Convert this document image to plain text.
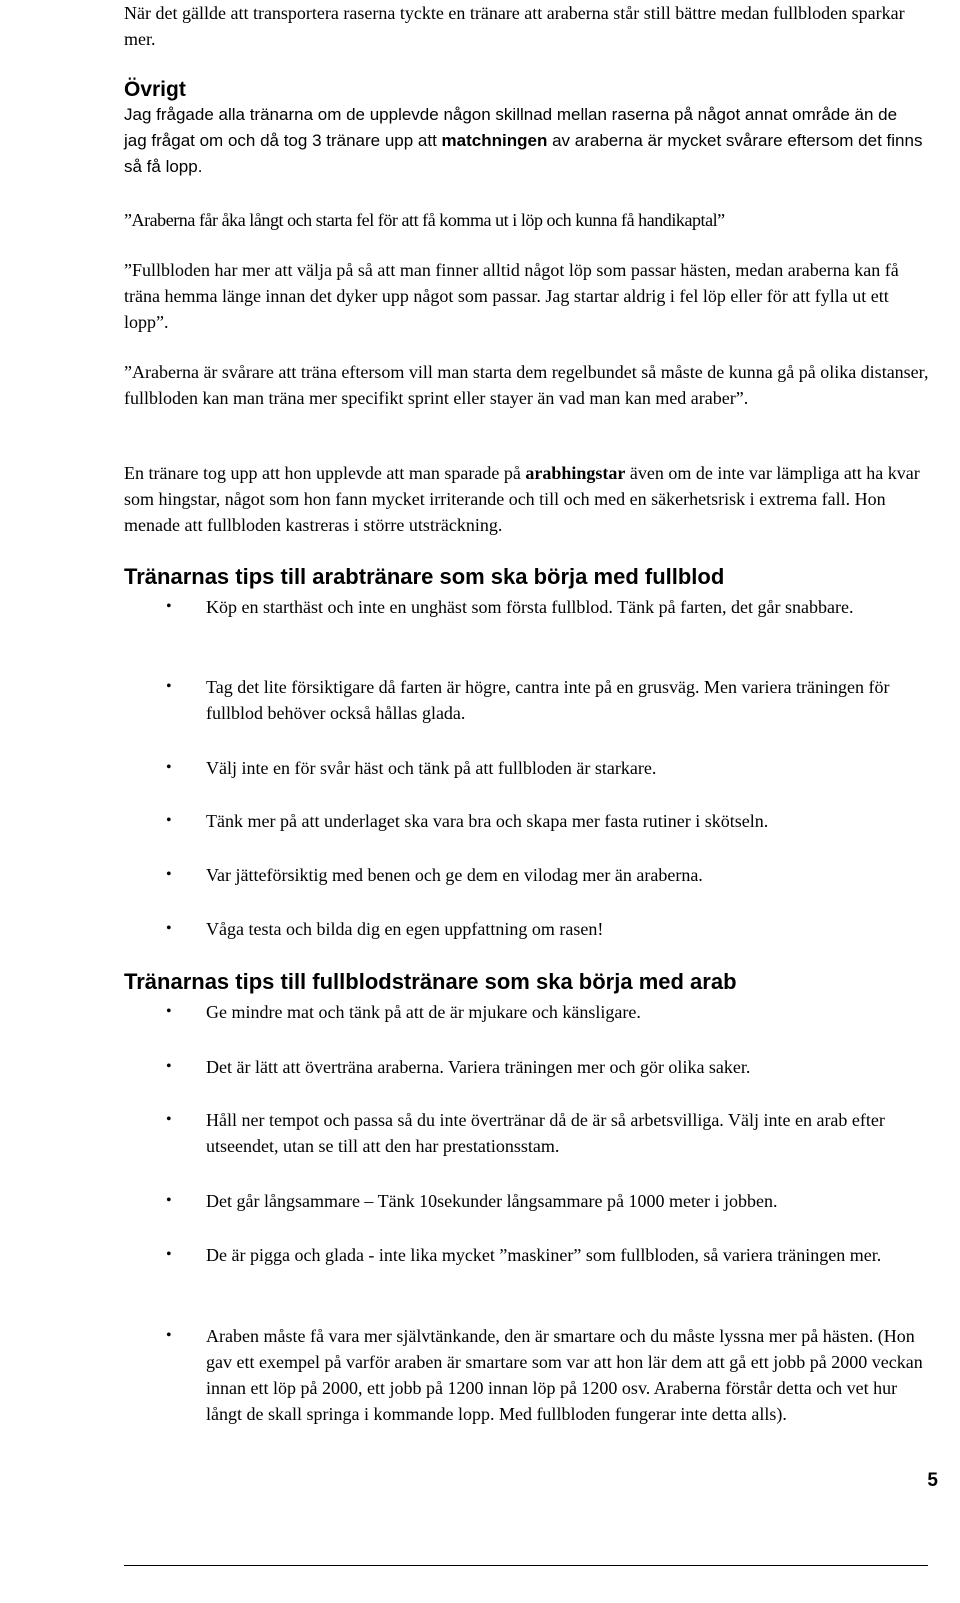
När det gällde att transportera raserna tyckte en tränare att araberna står still bättre medan fullbloden sparkar mer.

Övrigt

Jag frågade alla tränarna om de upplevde någon skillnad mellan raserna på något annat område än de jag frågat om och då tog 3 tränare upp att matchningen av araberna är mycket svårare eftersom det finns så få lopp.

”Araberna får åka långt och starta fel för att få komma ut i löp och kunna få handikaptal”

”Fullbloden har mer att välja på så att man finner alltid något löp som passar hästen, medan araberna kan få träna hemma länge innan det dyker upp något som passar. Jag startar aldrig i fel löp eller för att fylla ut ett lopp”.

”Araberna är svårare att träna eftersom vill man starta dem regelbundet så måste de kunna gå på olika distanser, fullbloden kan man träna mer specifikt sprint eller stayer än vad man kan med araber”.

En tränare tog upp att hon upplevde att man sparade på arabhingstar även om de inte var lämpliga att ha kvar som hingstar, något som hon fann mycket irriterande och till och med en säkerhetsrisk i extrema fall. Hon menade att fullbloden kastreras i större utsträckning.

Tränarnas tips till arabtränare som ska börja med fullblod
• Köp en starthäst och inte en unghäst som första fullblod. Tänk på farten, det går snabbare.
• Tag det lite försiktigare då farten är högre, cantra inte på en grusväg. Men variera träningen för fullblod behöver också hållas glada.
• Välj inte en för svår häst och tänk på att fullbloden är starkare.
• Tänk mer på att underlaget ska vara bra och skapa mer fasta rutiner i skötseln.
• Var jätteförsiktig med benen och ge dem en vilodag mer än araberna.
• Våga testa och bilda dig en egen uppfattning om rasen!
Tränarnas tips till fullblodstränare som ska börja med arab
• Ge mindre mat och tänk på att de är mjukare och känsligare.
• Det är lätt att överträna araberna. Variera träningen mer och gör olika saker.
• Håll ner tempot och passa så du inte övertränar då de är så arbetsvilliga. Välj inte en arab efter utseendet, utan se till att den har prestationsstam.
• Det går långsammare – Tänk 10sekunder långsammare på 1000 meter i jobben.
• De är pigga och glada - inte lika mycket ”maskiner” som fullbloden, så variera träningen mer.
• Araben måste få vara mer självtänkande, den är smartare och du måste lyssna mer på hästen. (Hon gav ett exempel på varför araben är smartare som var att hon lär dem att gå ett jobb på 2000 veckan innan ett löp på 2000, ett jobb på 1200 innan löp på 1200 osv. Araberna förstår detta och vet hur långt de skall springa i kommande lopp. Med fullbloden fungerar inte detta alls).
5
